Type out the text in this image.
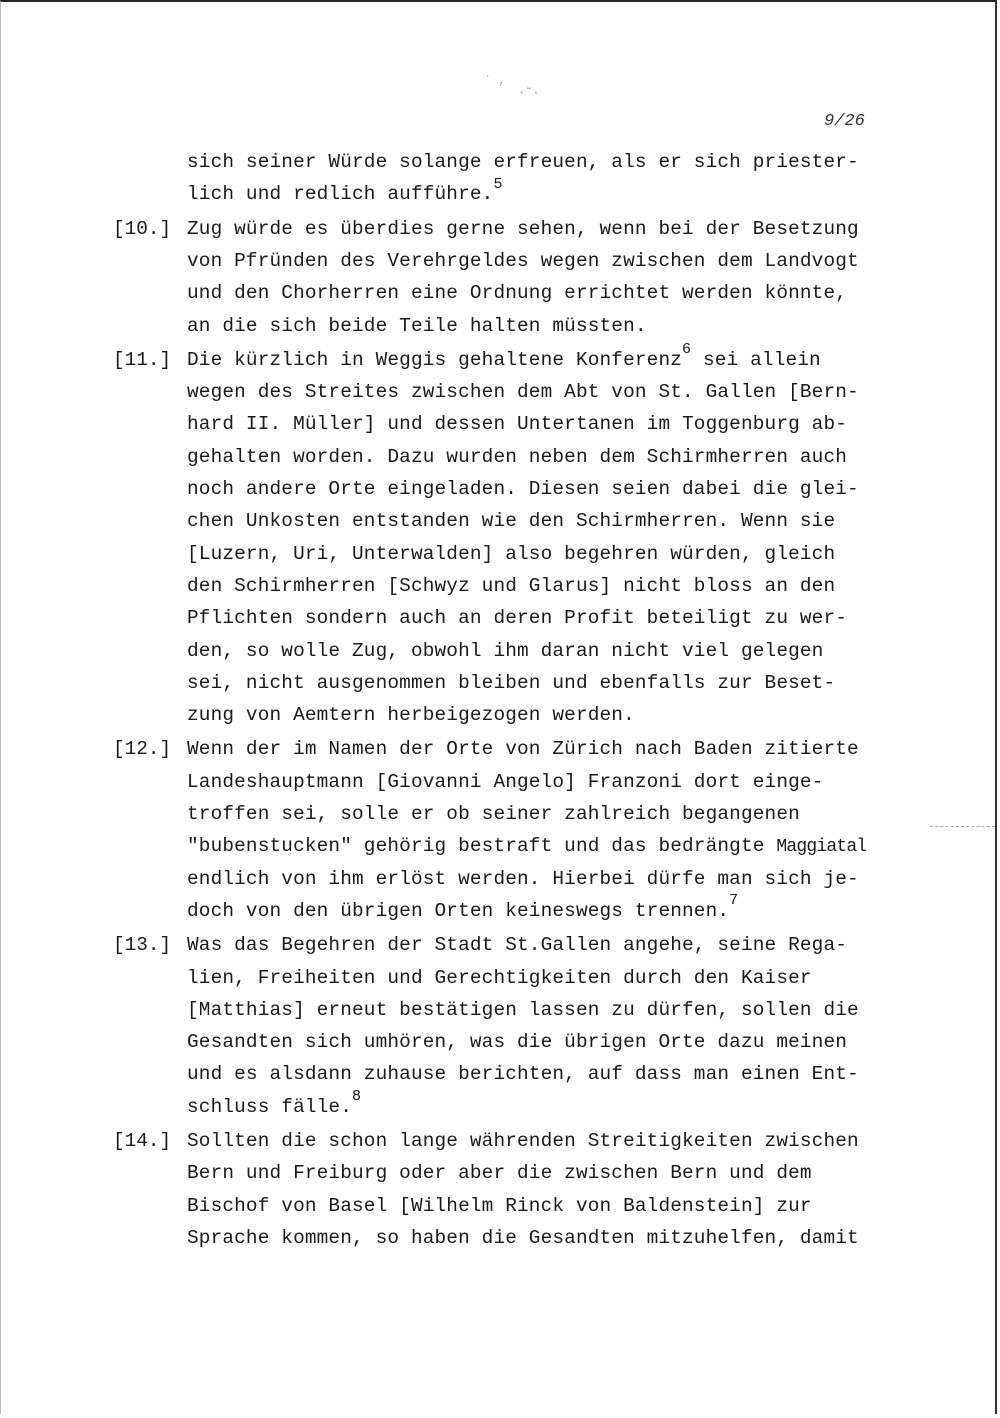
˙ ,
·˜·
9/26
sich seiner Würde solange erfreuen, als er sich priester-
lich und redlich aufführe.$^5$
[10.] Zug würde es überdies gerne sehen, wenn bei der Besetzung
von Pfründen des Verehrgeldes wegen zwischen dem Landvogt
und den Chorherren eine Ordnung errichtet werden könnte,
an die sich beide Teile halten müssten.
[11.] Die kürzlich in Weggis gehaltene Konferenz$^6$ sei allein
wegen des Streites zwischen dem Abt von St. Gallen [Bern-
hard II. Müller] und dessen Untertanen im Toggenburg ab-
gehalten worden. Dazu wurden neben dem Schirmherren auch
noch andere Orte eingeladen. Diesen seien dabei die glei-
chen Unkosten entstanden wie den Schirmherren. Wenn sie
[Luzern, Uri, Unterwalden] also begehren würden, gleich
den Schirmherren [Schwyz und Glarus] nicht bloss an den
Pflichten sondern auch an deren Profit beteiligt zu wer-
den, so wolle Zug, obwohl ihm daran nicht viel gelegen
sei, nicht ausgenommen bleiben und ebenfalls zur Beset-
zung von Aemtern herbeigezogen werden.
[12.] Wenn der im Namen der Orte von Zürich nach Baden zitierte
Landeshauptmann [Giovanni Angelo] Franzoni dort einge-
troffen sei, solle er ob seiner zahlreich begangenen
"bubenstucken" gehörig bestraft und das bedrängte Maggiatal
endlich von ihm erlöst werden. Hierbei dürfe man sich je-
doch von den übrigen Orten keineswegs trennen.$^7$
[13.] Was das Begehren der Stadt St.Gallen angehe, seine Rega-
lien, Freiheiten und Gerechtigkeiten durch den Kaiser
[Matthias] erneut bestätigen lassen zu dürfen, sollen die
Gesandten sich umhören, was die übrigen Orte dazu meinen
und es alsdann zuhause berichten, auf dass man einen Ent-
schluss fälle.$^8$
[14.] Sollten die schon lange währenden Streitigkeiten zwischen
Bern und Freiburg oder aber die zwischen Bern und dem
Bischof von Basel [Wilhelm Rinck von Baldenstein] zur
Sprache kommen, so haben die Gesandten mitzuhelfen, damit
